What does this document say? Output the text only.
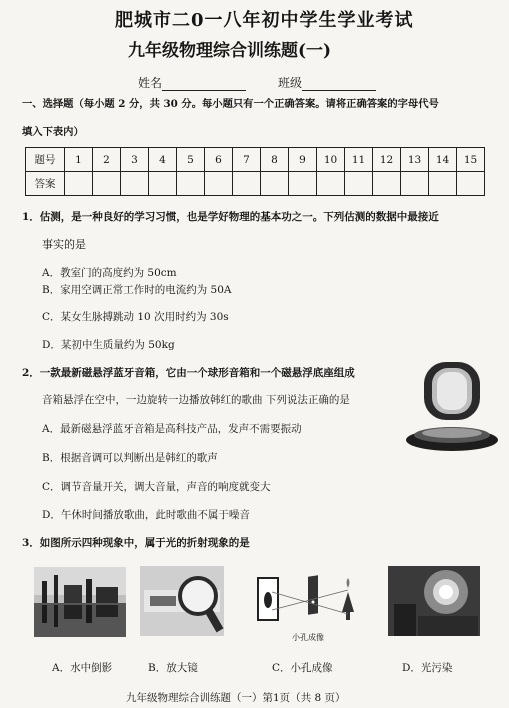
肥城市二0一八年初中学生学业考试
九年级物理综合训练题(一)
姓名	班级
一、选择题（每小题 2 分，共 30 分。每小题只有一个正确答案。请将正确答案的字母代号
填入下表内）
题号	1	2	3	4	5	6	7	8	9	10	11	12	13	14	15
答案															
1．估测，是一种良好的学习习惯，也是学好物理的基本功之一。下列估测的数据中最接近
事实的是
A．教室门的高度约为 50cm
B．家用空调正常工作时的电流约为 50A
C．某女生脉搏跳动 10 次用时约为 30s
D．某初中生质量约为 50kg
2．一款最新磁悬浮蓝牙音箱，它由一个球形音箱和一个磁悬浮底座组成
音箱悬浮在空中，一边旋转一边播放韩红的歌曲 下列说法正确的是
A．最新磁悬浮蓝牙音箱是高科技产品，发声不需要振动
B．根据音调可以判断出是韩红的歌声
C．调节音量开关，调大音量，声音的响度就变大
D．午休时间播放歌曲，此时歌曲不属于噪音
3．如图所示四种现象中，属于光的折射现象的是
小孔成像
A．水中倒影	B．放大镜	C．小孔成像	D．光污染
九年级物理综合训练题（一）第1页（共 8 页）
